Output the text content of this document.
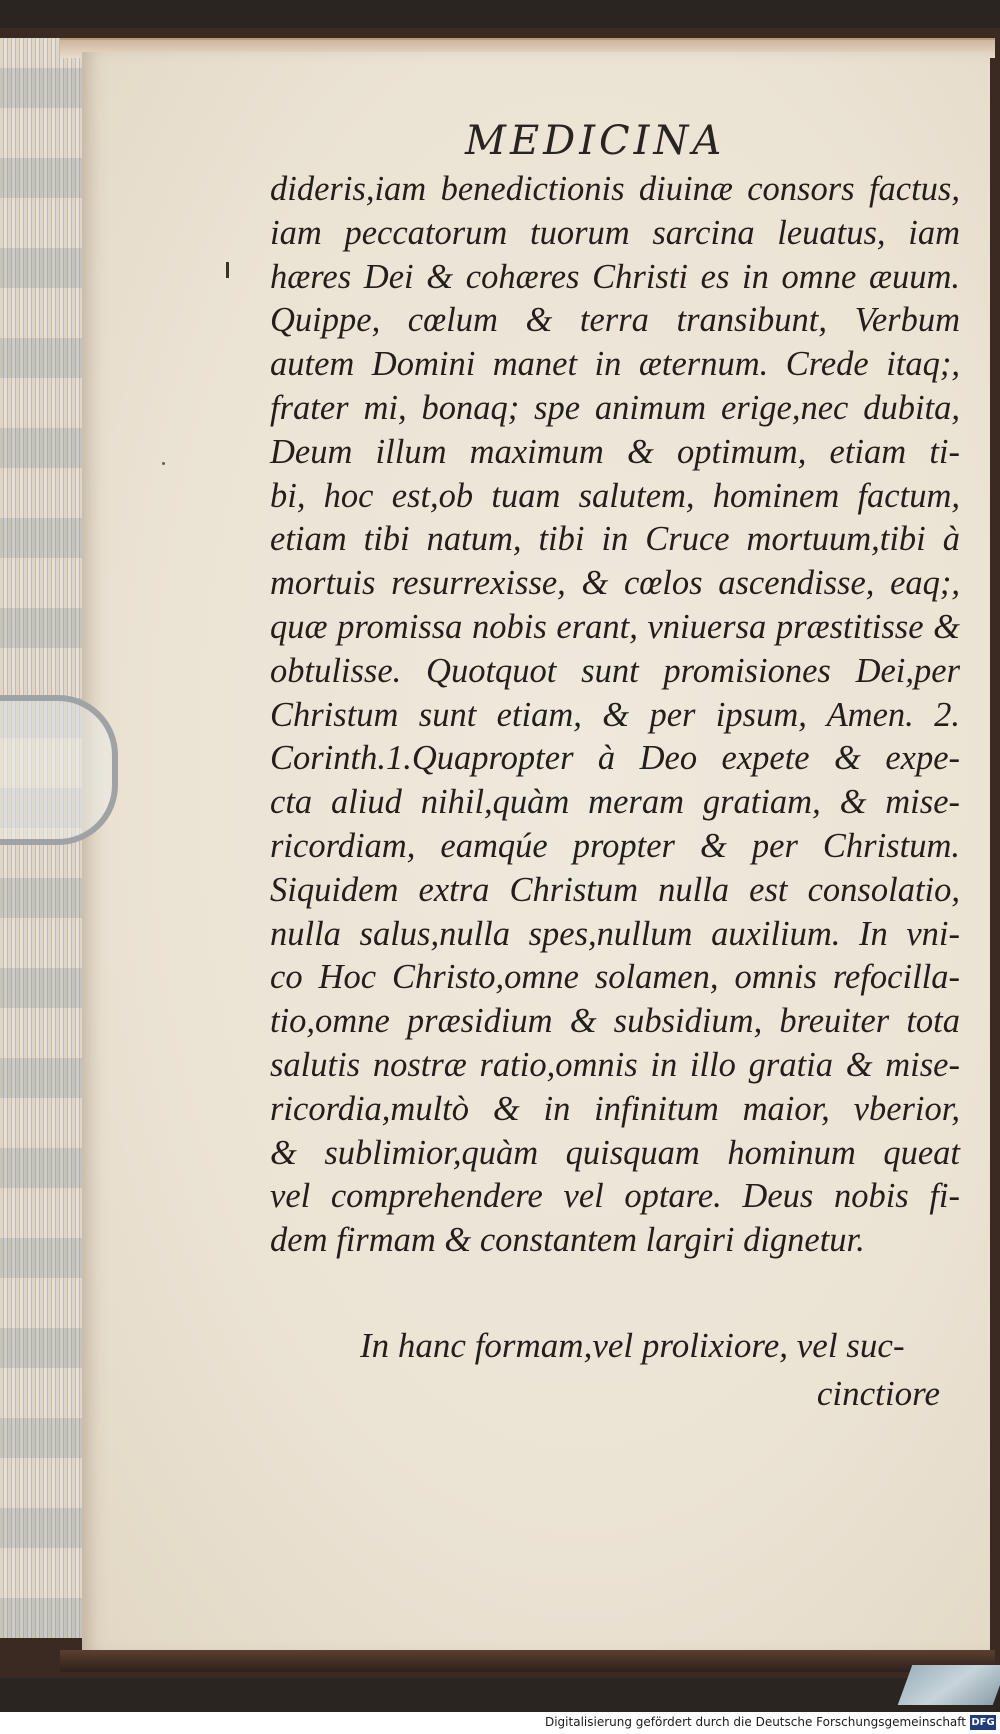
MEDICINA
dideris,iam benedictionis diuinæ consors factus,
iam peccatorum tuorum sarcina leuatus, iam
hæres Dei & cohæres Christi es in omne æuum.
Quippe, cœlum & terra transibunt, Verbum
autem Domini manet in æternum. Crede itaq;,
frater mi, bonaq; spe animum erige,nec dubita,
Deum illum maximum & optimum, etiam ti-
bi, hoc est,ob tuam salutem, hominem factum,
etiam tibi natum, tibi in Cruce mortuum,tibi à
mortuis resurrexisse, & cœlos ascendisse, eaq;,
quæ promissa nobis erant, vniuersa præstitisse &
obtulisse. Quotquot sunt promisiones Dei,per
Christum sunt etiam, & per ipsum, Amen. 2.
Corinth.1.Quapropter à Deo expete & expe-
cta aliud nihil,quàm meram gratiam, & mise-
ricordiam, eamqúe propter & per Christum.
Siquidem extra Christum nulla est consolatio,
nulla salus,nulla spes,nullum auxilium. In vni-
co Hoc Christo,omne solamen, omnis refocilla-
tio,omne præsidium & subsidium, breuiter tota
salutis nostræ ratio,omnis in illo gratia & mise-
ricordia,multò & in infinitum maior, vberior,
& sublimior,quàm quisquam hominum queat
vel comprehendere vel optare. Deus nobis fi-
dem firmam & constantem largiri dignetur.
In hanc formam,vel prolixiore, vel suc-
cinctiore
Digitalisierung gefördert durch die Deutsche Forschungsgemeinschaft DFG
